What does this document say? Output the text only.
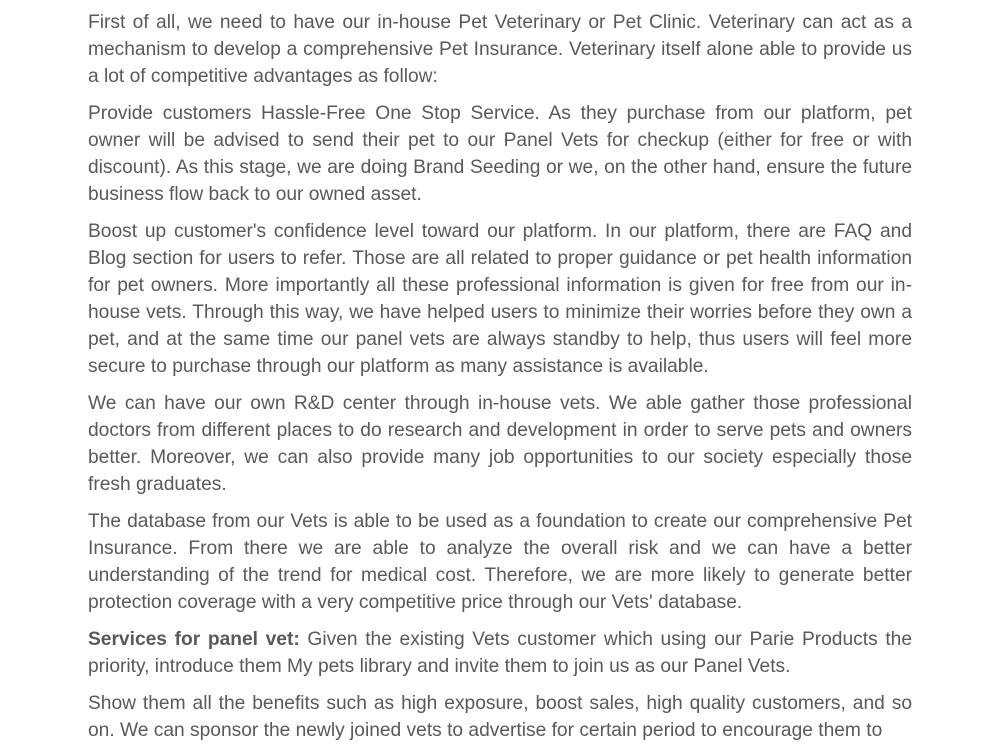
First of all, we need to have our in-house Pet Veterinary or Pet Clinic. Veterinary can act as a mechanism to develop a comprehensive Pet Insurance. Veterinary itself alone able to provide us a lot of competitive advantages as follow:

Provide customers Hassle-Free One Stop Service. As they purchase from our platform, pet owner will be advised to send their pet to our Panel Vets for checkup (either for free or with discount). As this stage, we are doing Brand Seeding or we, on the other hand, ensure the future business flow back to our owned asset.

Boost up customer's confidence level toward our platform. In our platform, there are FAQ and Blog section for users to refer. Those are all related to proper guidance or pet health information for pet owners. More importantly all these professional information is given for free from our in-house vets. Through this way, we have helped users to minimize their worries before they own a pet, and at the same time our panel vets are always standby to help, thus users will feel more secure to purchase through our platform as many assistance is available.

We can have our own R&D center through in-house vets. We able gather those professional doctors from different places to do research and development in order to serve pets and owners better. Moreover, we can also provide many job opportunities to our society especially those fresh graduates.

The database from our Vets is able to be used as a foundation to create our comprehensive Pet Insurance. From there we are able to analyze the overall risk and we can have a better understanding of the trend for medical cost. Therefore, we are more likely to generate better protection coverage with a very competitive price through our Vets' database.

Services for panel vet: Given the existing Vets customer which using our Parie Products the priority, introduce them My pets library and invite them to join us as our Panel Vets.

Show them all the benefits such as high exposure, boost sales, high quality customers, and so on. We can sponsor the newly joined vets to advertise for certain period to encourage them to
